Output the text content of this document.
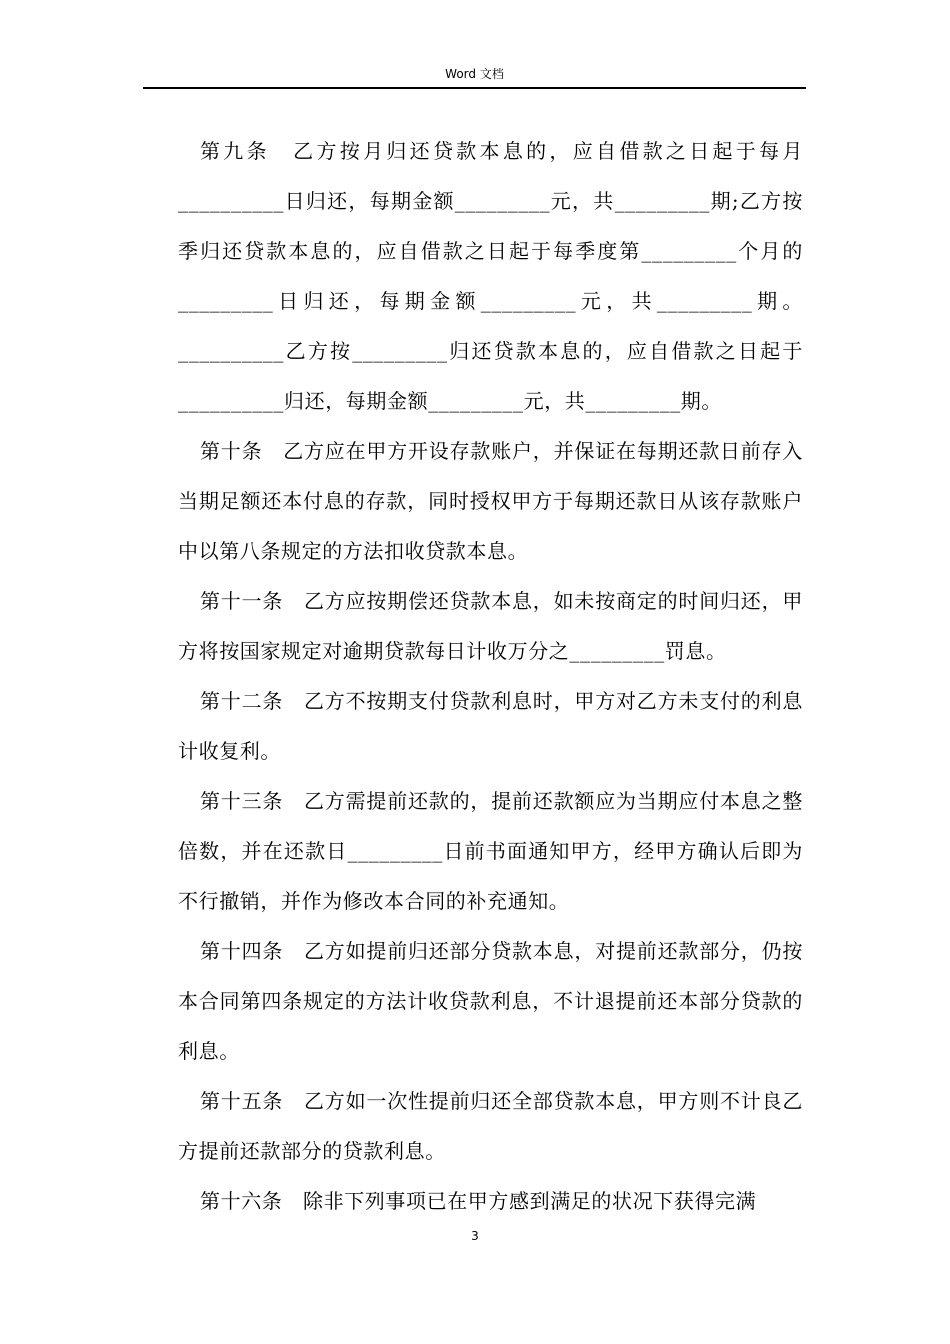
Word 文档

第九条　乙方按月归还贷款本息的，应自借款之日起于每月__________日归还，每期金额_________元，共_________期;乙方按季归还贷款本息的，应自借款之日起于每季度第_________个月的_________日归还，每期金额_________元，共_________期。__________乙方按_________归还贷款本息的，应自借款之日起于__________归还，每期金额_________元，共_________期。

第十条　乙方应在甲方开设存款账户，并保证在每期还款日前存入当期足额还本付息的存款，同时授权甲方于每期还款日从该存款账户中以第八条规定的方法扣收贷款本息。

第十一条　乙方应按期偿还贷款本息，如未按商定的时间归还，甲方将按国家规定对逾期贷款每日计收万分之_________罚息。

第十二条　乙方不按期支付贷款利息时，甲方对乙方未支付的利息计收复利。

第十三条　乙方需提前还款的，提前还款额应为当期应付本息之整倍数，并在还款日_________日前书面通知甲方，经甲方确认后即为不行撤销，并作为修改本合同的补充通知。

第十四条　乙方如提前归还部分贷款本息，对提前还款部分，仍按本合同第四条规定的方法计收贷款利息，不计退提前还本部分贷款的利息。

第十五条　乙方如一次性提前归还全部贷款本息，甲方则不计良乙方提前还款部分的贷款利息。

第十六条　除非下列事项已在甲方感到满足的状况下获得完满

3
